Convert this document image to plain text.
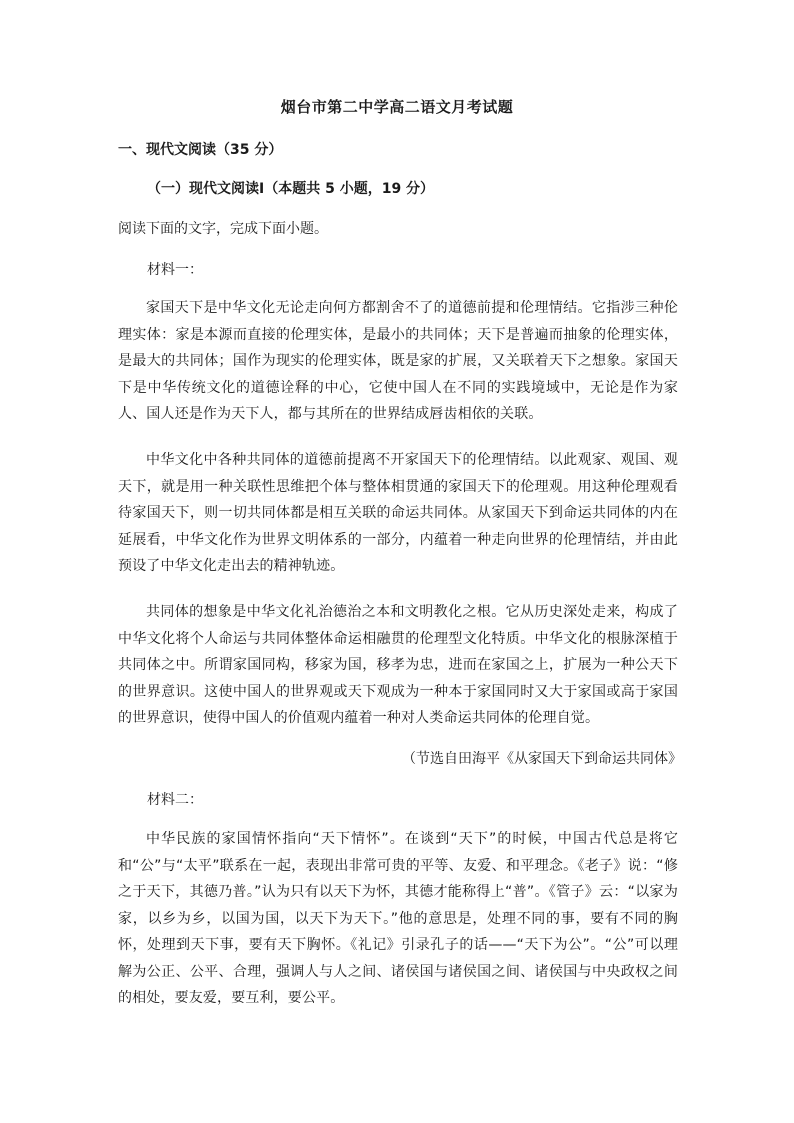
烟台市第二中学高二语文月考试题
一、现代文阅读（35 分）
（一）现代文阅读Ⅰ（本题共 5 小题，19 分）
阅读下面的文字，完成下面小题。
材料一：
家国天下是中华文化无论走向何方都割舍不了的道德前提和伦理情结。它指涉三种伦理实体：家是本源而直接的伦理实体，是最小的共同体；天下是普遍而抽象的伦理实体，是最大的共同体；国作为现实的伦理实体，既是家的扩展，又关联着天下之想象。家国天下是中华传统文化的道德诠释的中心，它使中国人在不同的实践境域中，无论是作为家人、国人还是作为天下人，都与其所在的世界结成唇齿相依的关联。
中华文化中各种共同体的道德前提离不开家国天下的伦理情结。以此观家、观国、观天下，就是用一种关联性思维把个体与整体相贯通的家国天下的伦理观。用这种伦理观看待家国天下，则一切共同体都是相互关联的命运共同体。从家国天下到命运共同体的内在延展看，中华文化作为世界文明体系的一部分，内蕴着一种走向世界的伦理情结，并由此预设了中华文化走出去的精神轨迹。
共同体的想象是中华文化礼治德治之本和文明教化之根。它从历史深处走来，构成了中华文化将个人命运与共同体整体命运相融贯的伦理型文化特质。中华文化的根脉深植于共同体之中。所谓家国同构，移家为国，移孝为忠，进而在家国之上，扩展为一种公天下的世界意识。这使中国人的世界观或天下观成为一种本于家国同时又大于家国或高于家国的世界意识，使得中国人的价值观内蕴着一种对人类命运共同体的伦理自觉。
（节选自田海平《从家国天下到命运共同体》
材料二：
中华民族的家国情怀指向“天下情怀”。在谈到“天下”的时候，中国古代总是将它和“公”与“太平”联系在一起，表现出非常可贵的平等、友爱、和平理念。《老子》说：“修之于天下，其德乃普。”认为只有以天下为怀，其德才能称得上“普”。《管子》云：“以家为家，以乡为乡，以国为国，以天下为天下。”他的意思是，处理不同的事，要有不同的胸怀，处理到天下事，要有天下胸怀。《礼记》引录孔子的话——“天下为公”。“公”可以理解为公正、公平、合理，强调人与人之间、诸侯国与诸侯国之间、诸侯国与中央政权之间的相处，要友爱，要互利，要公平。
